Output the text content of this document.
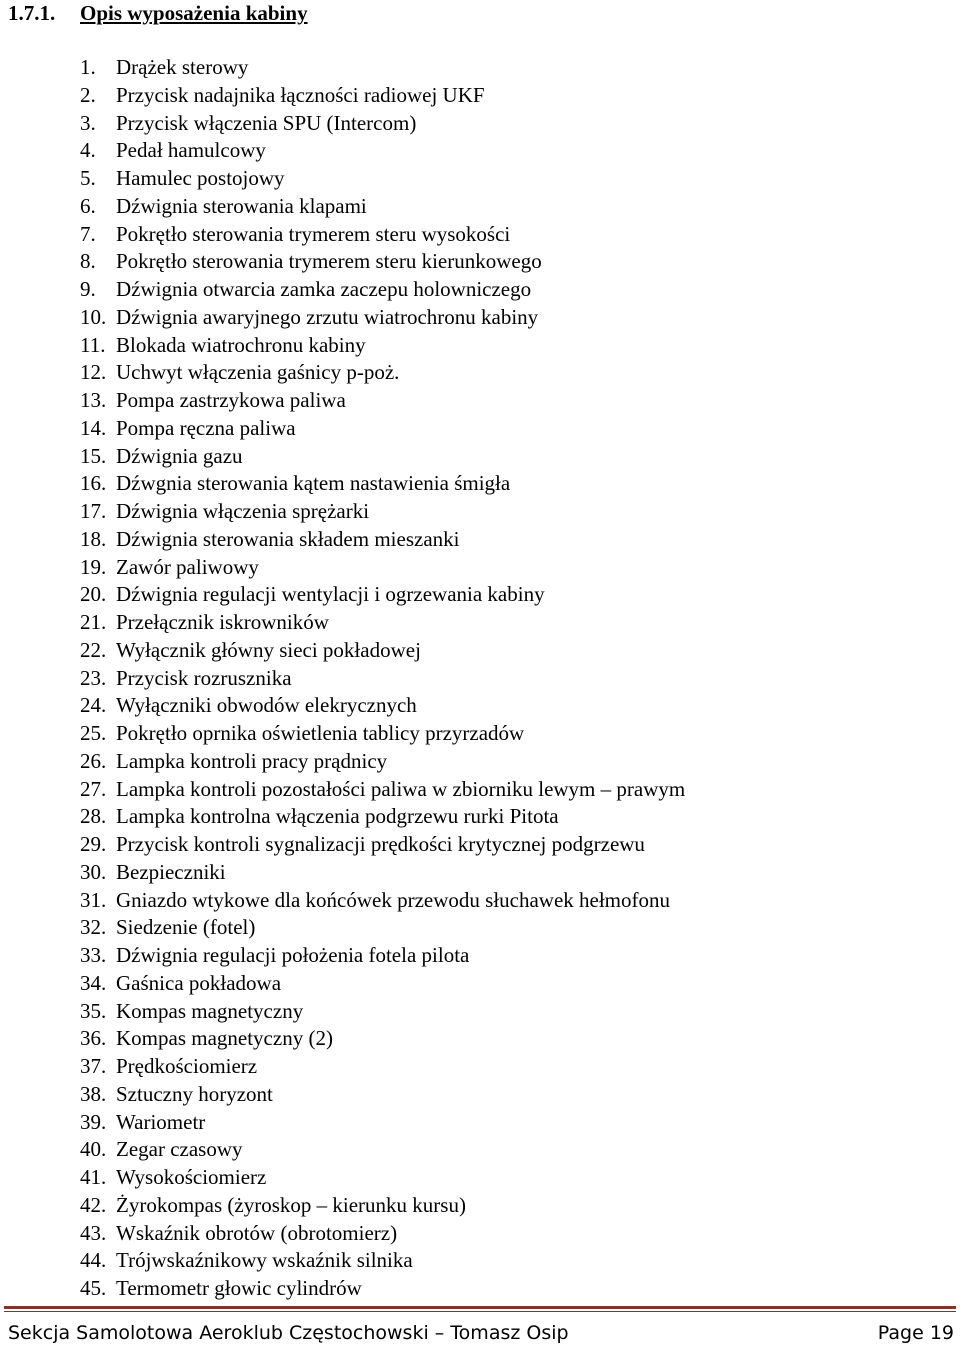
1.7.1. Opis wyposażenia kabiny
1. Drążek sterowy
2. Przycisk nadajnika łączności radiowej UKF
3. Przycisk włączenia SPU (Intercom)
4. Pedał hamulcowy
5. Hamulec postojowy
6. Dźwignia sterowania klapami
7. Pokrętło sterowania trymerem steru wysokości
8. Pokrętło sterowania trymerem steru kierunkowego
9. Dźwignia otwarcia zamka zaczepu holowniczego
10. Dźwignia awaryjnego zrzutu wiatrochronu kabiny
11. Blokada wiatrochronu kabiny
12. Uchwyt włączenia gaśnicy p-poż.
13. Pompa zastrzykowa paliwa
14. Pompa ręczna paliwa
15. Dźwignia gazu
16. Dźwgnia sterowania kątem nastawienia śmigła
17. Dźwignia włączenia sprężarki
18. Dźwignia sterowania składem mieszanki
19. Zawór paliwowy
20. Dźwignia regulacji wentylacji i ogrzewania kabiny
21. Przełącznik iskrowników
22. Wyłącznik główny sieci pokładowej
23. Przycisk rozrusznika
24. Wyłączniki obwodów elekrycznych
25. Pokrętło oprnika oświetlenia tablicy przyrzadów
26. Lampka kontroli pracy prądnicy
27. Lampka kontroli pozostałości paliwa w zbiorniku lewym – prawym
28. Lampka kontrolna włączenia podgrzewu rurki Pitota
29. Przycisk kontroli sygnalizacji prędkości krytycznej podgrzewu
30. Bezpieczniki
31. Gniazdo wtykowe dla końcówek przewodu słuchawek hełmofonu
32. Siedzenie (fotel)
33. Dźwignia regulacji położenia fotela pilota
34. Gaśnica pokładowa
35. Kompas magnetyczny
36. Kompas magnetyczny (2)
37. Prędkościomierz
38. Sztuczny horyzont
39. Wariometr
40. Zegar czasowy
41. Wysokościomierz
42. Żyrokompas (żyroskop – kierunku kursu)
43. Wskaźnik obrotów (obrotomierz)
44. Trójwskaźnikowy wskaźnik silnika
45. Termometr głowic cylindrów
Sekcja Samolotowa Aeroklub Częstochowski – Tomasz Osip	Page 19
